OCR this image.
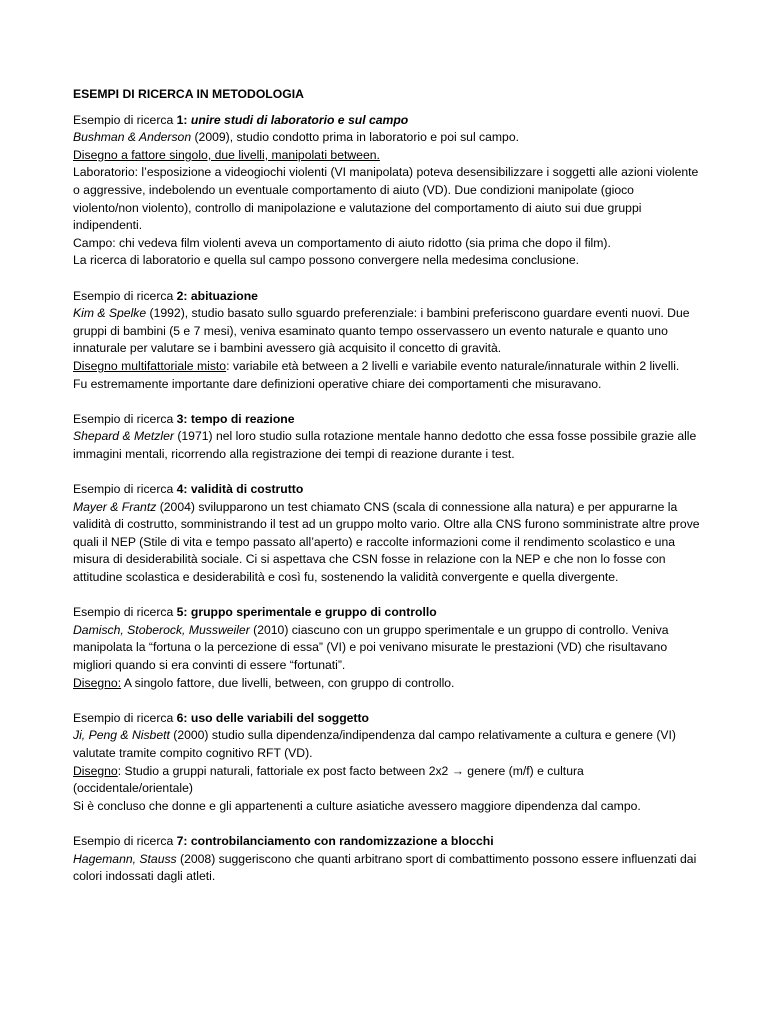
ESEMPI DI RICERCA IN METODOLOGIA

Esempio di ricerca 1: unire studi di laboratorio e sul campo

Bushman & Anderson (2009), studio condotto prima in laboratorio e poi sul campo.

Disegno a fattore singolo, due livelli, manipolati between.

Laboratorio: l’esposizione a videogiochi violenti (VI manipolata) poteva desensibilizzare i soggetti alle azioni violente o aggressive, indebolendo un eventuale comportamento di aiuto (VD). Due condizioni manipolate (gioco violento/non violento), controllo di manipolazione e valutazione del comportamento di aiuto sui due gruppi indipendenti.

Campo: chi vedeva film violenti aveva un comportamento di aiuto ridotto (sia prima che dopo il film).

La ricerca di laboratorio e quella sul campo possono convergere nella medesima conclusione.

Esempio di ricerca 2: abituazione

Kim & Spelke (1992), studio basato sullo sguardo preferenziale: i bambini preferiscono guardare eventi nuovi. Due gruppi di bambini (5 e 7 mesi), veniva esaminato quanto tempo osservassero un evento naturale e quanto uno innaturale per valutare se i bambini avessero già acquisito il concetto di gravità.

Disegno multifattoriale misto: variabile età between a 2 livelli e variabile evento naturale/innaturale within 2 livelli.

Fu estremamente importante dare definizioni operative chiare dei comportamenti che misuravano.

Esempio di ricerca 3: tempo di reazione

Shepard & Metzler (1971) nel loro studio sulla rotazione mentale hanno dedotto che essa fosse possibile grazie alle immagini mentali, ricorrendo alla registrazione dei tempi di reazione durante i test.

Esempio di ricerca 4: validità di costrutto

Mayer & Frantz (2004) svilupparono un test chiamato CNS (scala di connessione alla natura) e per appurarne la validità di costrutto, somministrando il test ad un gruppo molto vario. Oltre alla CNS furono somministrate altre prove quali il NEP (Stile di vita e tempo passato all’aperto) e raccolte informazioni come il rendimento scolastico e una misura di desiderabilità sociale. Ci si aspettava che CSN fosse in relazione con la NEP e che non lo fosse con attitudine scolastica e desiderabilità e così fu, sostenendo la validità convergente e quella divergente.

Esempio di ricerca 5: gruppo sperimentale e gruppo di controllo

Damisch, Stoberock, Mussweiler (2010) ciascuno con un gruppo sperimentale e un gruppo di controllo. Veniva manipolata la “fortuna o la percezione di essa” (VI) e poi venivano misurate le prestazioni (VD) che risultavano migliori quando si era convinti di essere “fortunati”.

Disegno: A singolo fattore, due livelli, between, con gruppo di controllo.

Esempio di ricerca 6: uso delle variabili del soggetto

Ji, Peng & Nisbett (2000) studio sulla dipendenza/indipendenza dal campo relativamente a cultura e genere (VI) valutate tramite compito cognitivo RFT (VD).

Disegno: Studio a gruppi naturali, fattoriale ex post facto between 2x2 → genere (m/f) e cultura (occidentale/orientale)

Si è concluso che donne e gli appartenenti a culture asiatiche avessero maggiore dipendenza dal campo.

Esempio di ricerca 7: controbilanciamento con randomizzazione a blocchi

Hagemann, Stauss (2008) suggeriscono che quanti arbitrano sport di combattimento possono essere influenzati dai colori indossati dagli atleti.
